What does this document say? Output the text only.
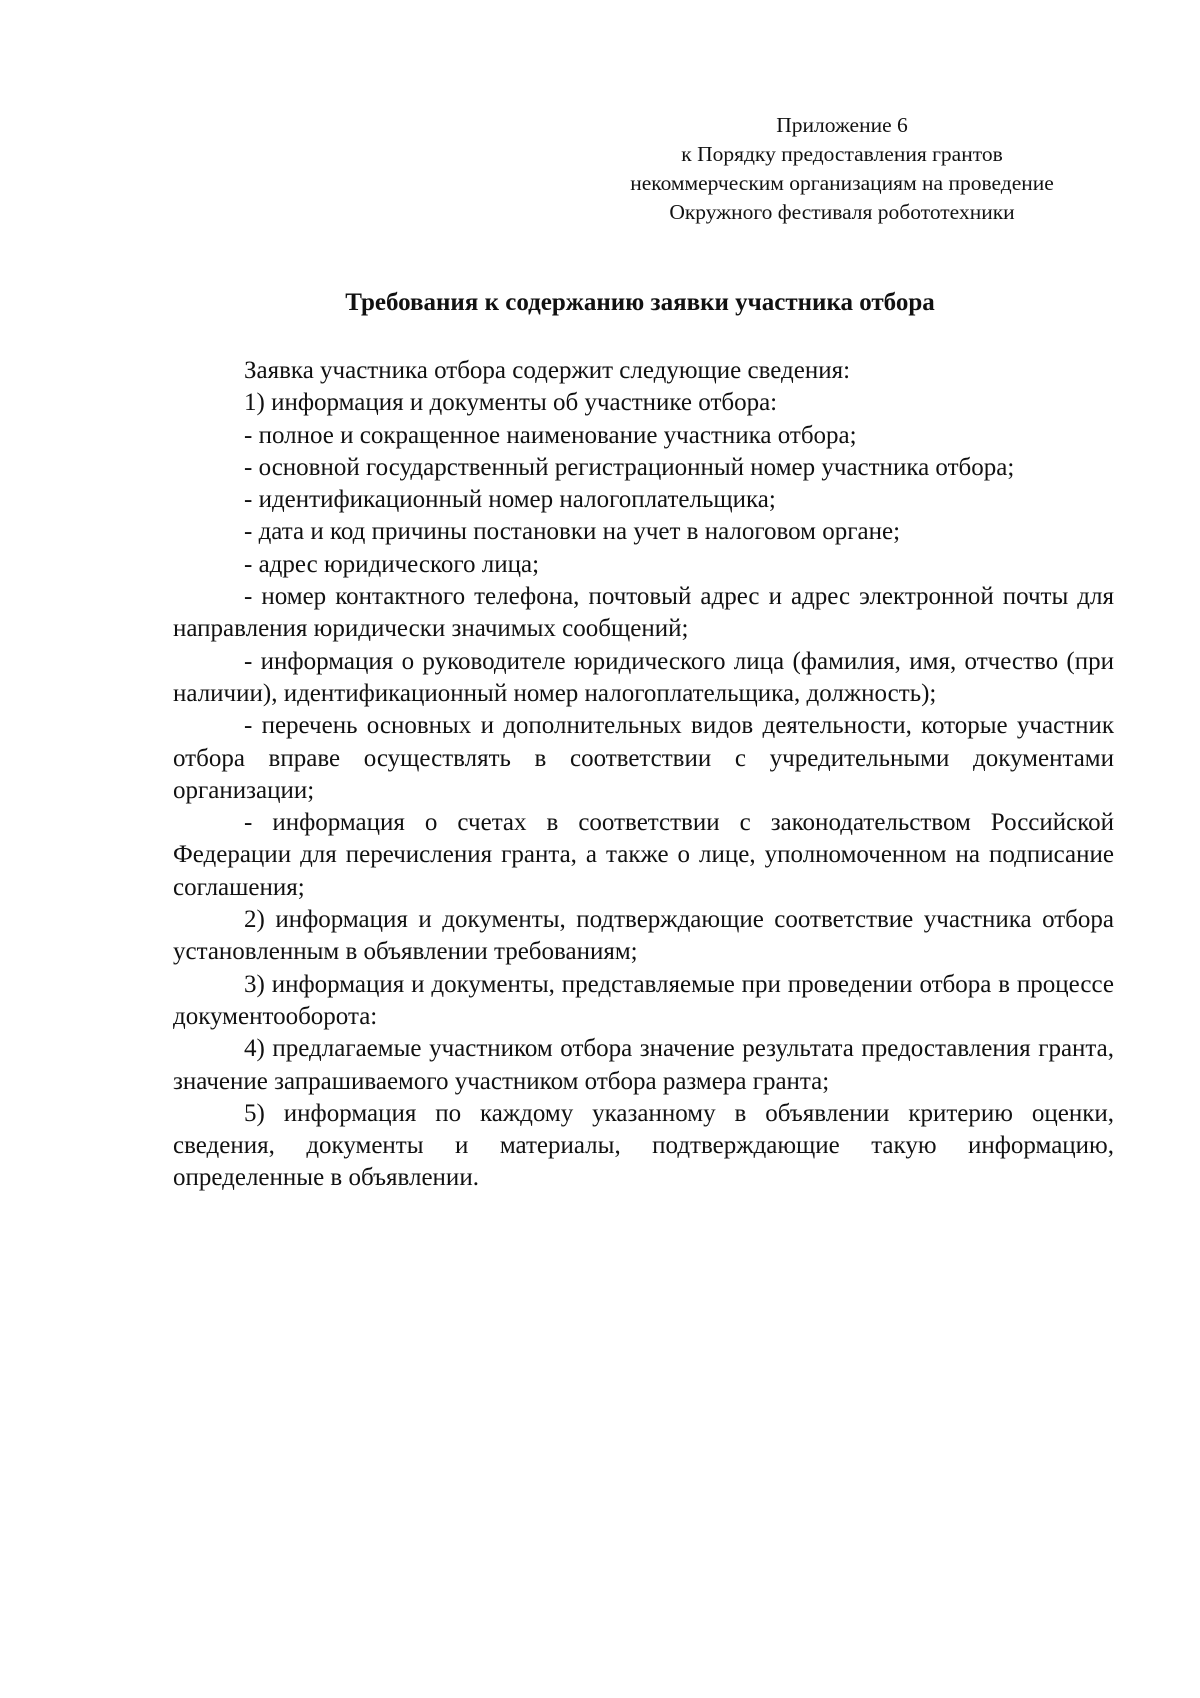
Приложение 6
к Порядку предоставления грантов
некоммерческим организациям на проведение
Окружного фестиваля робототехники
Требования к содержанию заявки участника отбора

Заявка участника отбора содержит следующие сведения:

1) информация и документы об участнике отбора:

- полное и сокращенное наименование участника отбора;

- основной государственный регистрационный номер участника отбора;

- идентификационный номер налогоплательщика;

- дата и код причины постановки на учет в налоговом органе;

- адрес юридического лица;

- номер контактного телефона, почтовый адрес и адрес электронной почты для направления юридически значимых сообщений;

- информация о руководителе юридического лица (фамилия, имя, отчество (при наличии), идентификационный номер налогоплательщика, должность);

- перечень основных и дополнительных видов деятельности, которые участник отбора вправе осуществлять в соответствии с учредительными документами организации;

- информация о счетах в соответствии с законодательством Российской Федерации для перечисления гранта, а также о лице, уполномоченном на подписание соглашения;

2) информация и документы, подтверждающие соответствие участника отбора установленным в объявлении требованиям;

3) информация и документы, представляемые при проведении отбора в процессе документооборота:

4) предлагаемые участником отбора значение результата предоставления гранта, значение запрашиваемого участником отбора размера гранта;

5) информация по каждому указанному в объявлении критерию оценки, сведения, документы и материалы, подтверждающие такую информацию, определенные в объявлении.
